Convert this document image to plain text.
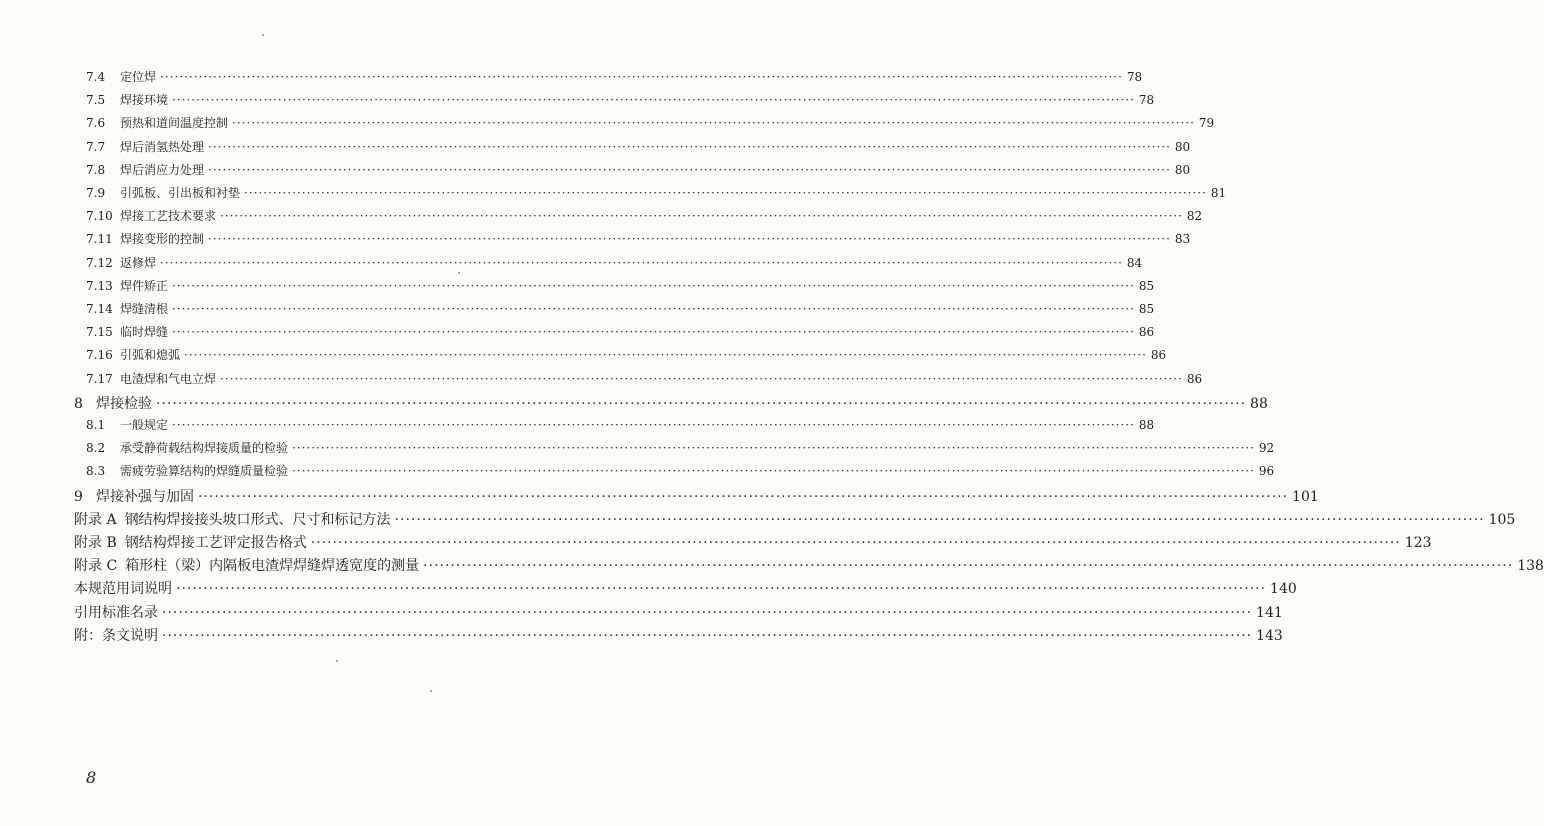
7.4	定位焊 ········································································································································································································ 78
7.5	焊接环境 ········································································································································································································ 78
7.6	预热和道间温度控制 ········································································································································································································ 79
7.7	焊后消氢热处理 ········································································································································································································ 80
7.8	焊后消应力处理 ········································································································································································································ 80
7.9	引弧板、引出板和衬垫 ········································································································································································································ 81
7.10 焊接工艺技术要求 ········································································································································································································ 82
7.11 焊接变形的控制 ········································································································································································································ 83
7.12 返修焊 ········································································································································································································ 84
7.13 焊件矫正 ········································································································································································································ 85
7.14 焊缝清根 ········································································································································································································ 85
7.15 临时焊缝 ········································································································································································································ 86
7.16 引弧和熄弧 ········································································································································································································ 86
7.17 电渣焊和气电立焊 ········································································································································································································ 86
8 焊接检验 ········································································································································································································ 88
8.1	一般规定 ········································································································································································································ 88
8.2	承受静荷载结构焊接质量的检验 ········································································································································································································ 92
8.3	需疲劳验算结构的焊缝质量检验 ········································································································································································································ 96
9 焊接补强与加固 ········································································································································································································ 101
附录 A 钢结构焊接接头坡口形式、尺寸和标记方法 ········································································································································································································ 105
附录 B 钢结构焊接工艺评定报告格式 ········································································································································································································ 123
附录 C 箱形柱（梁）内隔板电渣焊焊缝焊透宽度的测量 ········································································································································································································ 138
本规范用词说明 ········································································································································································································ 140
引用标准名录 ········································································································································································································ 141
附：条文说明 ········································································································································································································ 143
8
